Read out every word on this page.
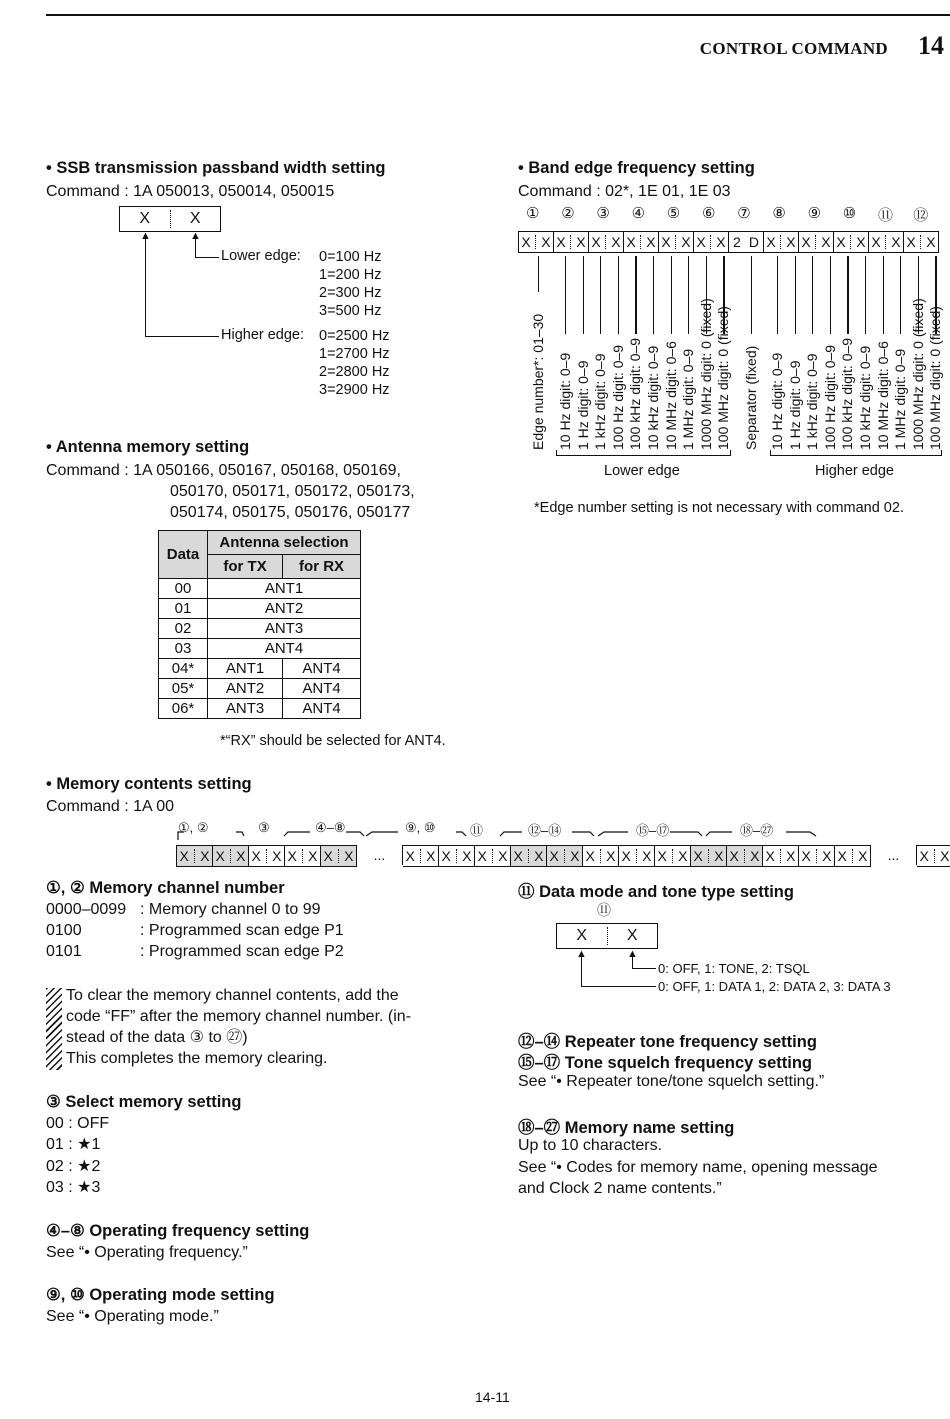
CONTROL COMMAND 14
• SSB transmission passband width setting
Command : 1A 050013, 050014, 050015
X	X
▲
▲
Lower edge: 0=100 Hz
1=200 Hz
2=300 Hz
3=500 Hz
Higher edge: 0=2500 Hz
1=2700 Hz
2=2800 Hz
3=2900 Hz
• Antenna memory setting
Command : 1A 050166, 050167, 050168, 050169,
050170, 050171, 050172, 050173,
050174, 050175, 050176, 050177
Data	Antenna selection	
	for TX	for RX
00	ANT1	
01	ANT2	
02	ANT3	
03	ANT4	
04*	ANT1	ANT4
05*	ANT2	ANT4
06*	ANT3	ANT4
*“RX” should be selected for ANT4.
• Band edge frequency setting
Command : 02*, 1E 01, 1E 03
① ② ③ ④ ⑤ ⑥ ⑦ ⑧ ⑨ ⑩ ⑪ ⑫
X X X X X X X X X X X X 2 D X X X X X X X X X X
Edge number*: 01–30 10 Hz digit: 0–9 1 Hz digit: 0–9 1 kHz digit: 0–9 100 Hz digit: 0–9 100 kHz digit: 0–9 10 kHz digit: 0–9 10 MHz digit: 0–6 1 MHz digit: 0–9 1000 MHz digit: 0 (fixed) 100 MHz digit: 0 (fixed) Separator (fixed) 10 Hz digit: 0–9 1 Hz digit: 0–9 1 kHz digit: 0–9 100 Hz digit: 0–9 100 kHz digit: 0–9 10 kHz digit: 0–9 10 MHz digit: 0–6 1 MHz digit: 0–9 1000 MHz digit: 0 (fixed) 100 MHz digit: 0 (fixed)
Lower edge	Higher edge
*Edge number setting is not necessary with command 02.
• Memory contents setting
Command : 1A 00
①, ②	③	④–⑧	⑨, ⑩	⑪	⑫–⑭	⑮–⑰	⑱–㉗
X X X X X X X X X X ... X X X X X X X X X X X X X X X X X X X X X X X X X X ... X X
①, ② Memory channel number
0000–0099 : Memory channel 0 to 99
0100	: Programmed scan edge P1
0101	: Programmed scan edge P2
To clear the memory channel contents, add the
code “FF” after the memory channel number. (in-
stead of the data ③ to ㉗)
This completes the memory clearing.
③ Select memory setting
00 : OFF
01 : ★1
02 : ★2
03 : ★3
④–⑧ Operating frequency setting
See “• Operating frequency.”
⑨, ⑩ Operating mode setting
See “• Operating mode.”
⑪ Data mode and tone type setting
⑪
X	X
▲
▲
0: OFF, 1: TONE, 2: TSQL
0: OFF, 1: DATA 1, 2: DATA 2, 3: DATA 3
⑫–⑭ Repeater tone frequency setting
⑮–⑰ Tone squelch frequency setting
See “• Repeater tone/tone squelch setting.”
⑱–㉗ Memory name setting
Up to 10 characters.
See “• Codes for memory name, opening message
and Clock 2 name contents.”
14-11
